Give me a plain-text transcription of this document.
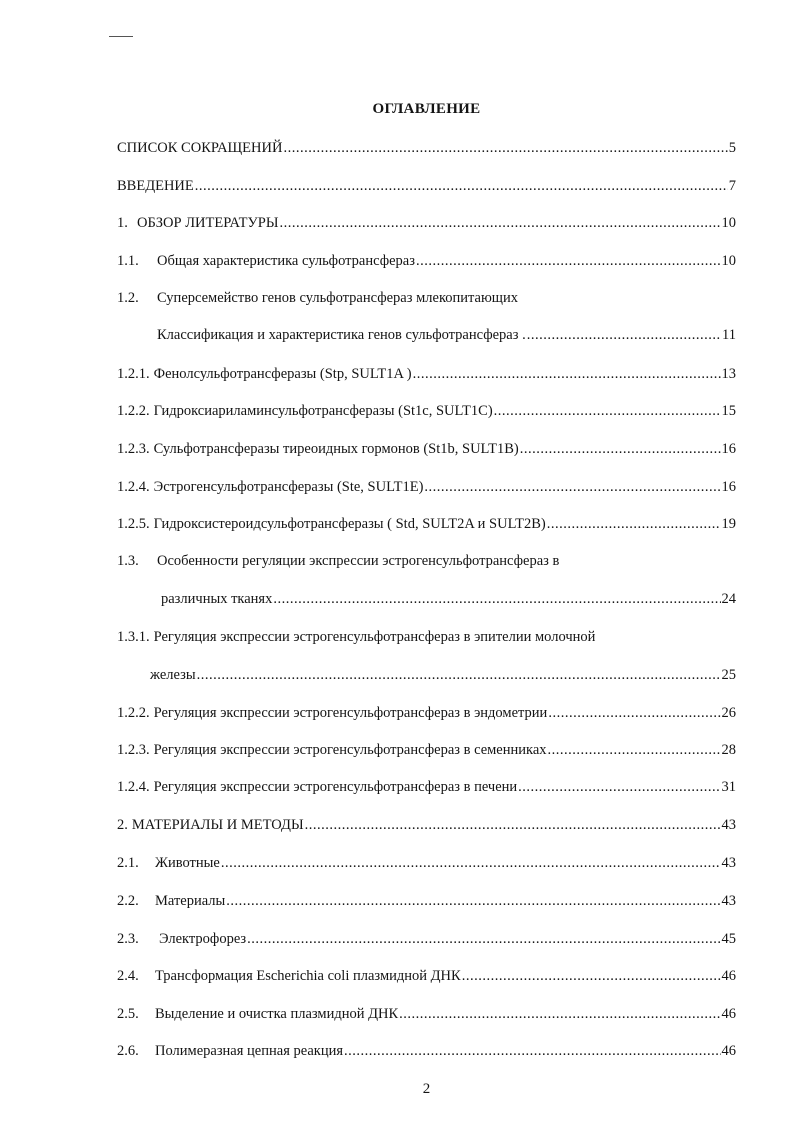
ОГЛАВЛЕНИЕ
СПИСОК СОКРАЩЕНИЙ .....	5
ВВЕДЕНИЕ .....	7
1. ОБЗОР ЛИТЕРАТУРЫ .....	10
1.1.	Общая характеристика сульфотрансфераз .....	10
1.2.	Суперсемейство генов сульфотрансфераз млекопитающих
Классификация и характеристика генов сульфотрансфераз . .....	11
1.2.1. Фенолсульфотрансферазы (Stp, SULT1A ) .....	13
1.2.2. Гидроксиариламинсульфотрансферазы (St1c, SULT1C) .....	15
1.2.3. Сульфотрансферазы тиреоидных гормонов (St1b, SULT1B) .....	16
1.2.4. Эстрогенсульфотрансферазы (Ste, SULT1E) .....	16
1.2.5. Гидроксистероидсульфотрансферазы ( Std, SULT2A и SULT2B) .....	19
1.3.	Особенности регуляции экспрессии эстрогенсульфотрансфераз в
различных тканях .....	24
1.3.1. Регуляция экспрессии эстрогенсульфотрансфераз в эпителии молочной
железы .....	25
1.2.2. Регуляция экспрессии эстрогенсульфотрансфераз в эндометрии .....	26
1.2.3. Регуляция экспрессии эстрогенсульфотрансфераз в семенниках .....	28
1.2.4. Регуляция экспрессии эстрогенсульфотрансфераз в печени .....	31
2. МАТЕРИАЛЫ И МЕТОДЫ .....	43
2.1.	Животные .....	43
2.2.	Материалы .....	43
2.3.	Электрофорез .....	45
2.4.	Трансформация Escherichia coli плазмидной ДНК .....	46
2.5.	Выделение и очистка плазмидной ДНК .....	46
2.6.	Полимеразная цепная реакция .....	46
2
